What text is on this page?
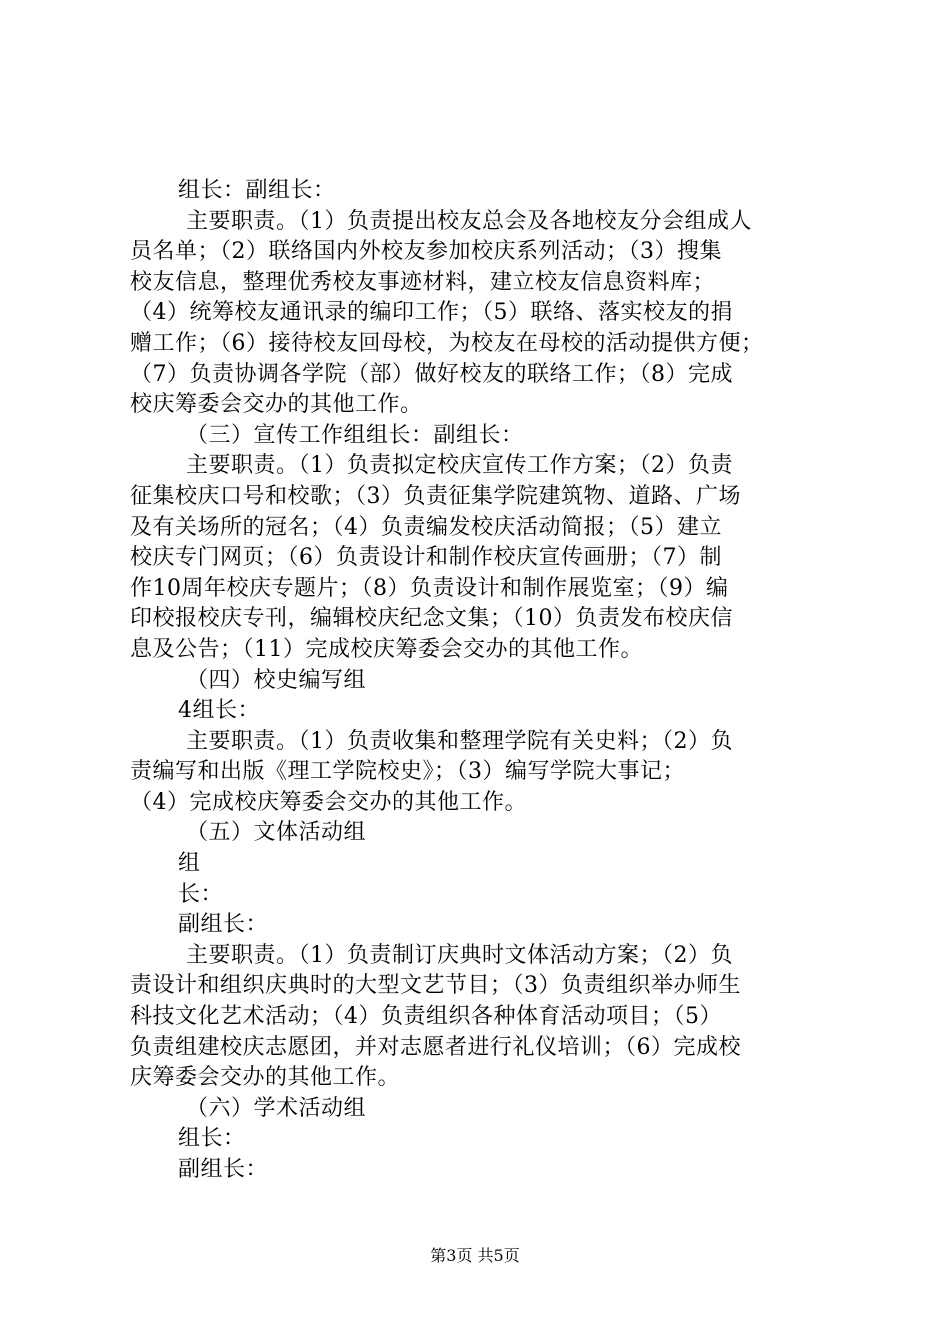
组长：副组长：
主要职责。（1）负责提出校友总会及各地校友分会组成人
员名单；（2）联络国内外校友参加校庆系列活动；（3）搜集
校友信息，整理优秀校友事迹材料，建立校友信息资料库；
（4）统筹校友通讯录的编印工作；（5）联络、落实校友的捐
赠工作；（6）接待校友回母校，为校友在母校的活动提供方便；
（7）负责协调各学院（部）做好校友的联络工作；（8）完成
校庆筹委会交办的其他工作。
（三）宣传工作组组长：副组长：
主要职责。（1）负责拟定校庆宣传工作方案；（2）负责
征集校庆口号和校歌；（3）负责征集学院建筑物、道路、广场
及有关场所的冠名；（4）负责编发校庆活动简报；（5）建立
校庆专门网页；（6）负责设计和制作校庆宣传画册；（7）制
作10周年校庆专题片；（8）负责设计和制作展览室；（9）编
印校报校庆专刊，编辑校庆纪念文集；（10）负责发布校庆信
息及公告；（11）完成校庆筹委会交办的其他工作。
（四）校史编写组
4组长：
主要职责。（1）负责收集和整理学院有关史料；（2）负
责编写和出版《理工学院校史》；（3）编写学院大事记；
（4）完成校庆筹委会交办的其他工作。
（五）文体活动组
组
长：
副组长：
主要职责。（1）负责制订庆典时文体活动方案；（2）负
责设计和组织庆典时的大型文艺节目；（3）负责组织举办师生
科技文化艺术活动；（4）负责组织各种体育活动项目；（5）
负责组建校庆志愿团，并对志愿者进行礼仪培训；（6）完成校
庆筹委会交办的其他工作。
（六）学术活动组
组长：
副组长：
第3页 共5页
